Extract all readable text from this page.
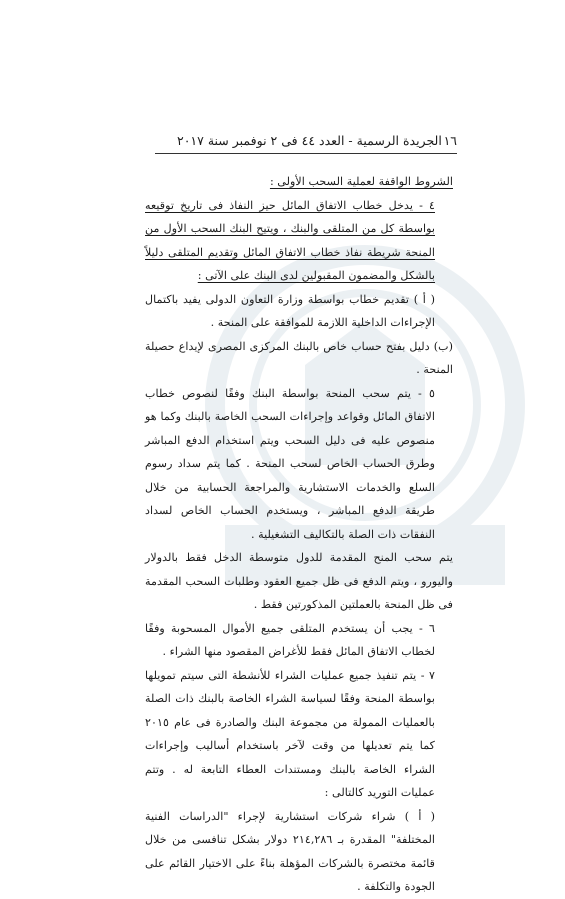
١٦
الجريدة الرسمية - العدد ٤٤ فى ٢ نوفمبر سنة ٢٠١٧

الشروط الواقفة لعملية السحب الأولى :

٤ - يدخل خطاب الاتفاق المائل حيز النفاذ فى تاريخ توقيعه بواسطة كل من المتلقى والبنك ، ويتيح البنك السحب الأول من المنحة شريطة نفاذ خطاب الاتفاق المائل وتقديم المتلقى دليلاً بالشكل والمضمون المقبولين لدى البنك على الآتى :

( أ ) تقديم خطاب بواسطة وزارة التعاون الدولى يفيد باكتمال الإجراءات الداخلية اللازمة للموافقة على المنحة .

(ب) دليل بفتح حساب خاص بالبنك المركزى المصرى لإيداع حصيلة المنحة .

٥ - يتم سحب المنحة بواسطة البنك وفقًا لنصوص خطاب الاتفاق المائل وقواعد وإجراءات السحب الخاصة بالبنك وكما هو منصوص عليه فى دليل السحب ويتم استخدام الدفع المباشر وطرق الحساب الخاص لسحب المنحة . كما يتم سداد رسوم السلع والخدمات الاستشارية والمراجعة الحسابية من خلال طريقة الدفع المباشر ، ويستخدم الحساب الخاص لسداد النفقات ذات الصلة بالتكاليف التشغيلية .

يتم سحب المنح المقدمة للدول متوسطة الدخل فقط بالدولار واليورو ، ويتم الدفع فى ظل جميع العقود وطلبات السحب المقدمة فى ظل المنحة بالعملتين المذكورتين فقط .

٦ - يجب أن يستخدم المتلقى جميع الأموال المسحوبة وفقًا لخطاب الاتفاق المائل فقط للأغراض المقصود منها الشراء .

٧ - يتم تنفيذ جميع عمليات الشراء للأنشطة التى سيتم تمويلها بواسطة المنحة وفقًا لسياسة الشراء الخاصة بالبنك ذات الصلة بالعمليات الممولة من مجموعة البنك والصادرة فى عام ٢٠١٥ كما يتم تعديلها من وقت لآخر باستخدام أساليب وإجراءات الشراء الخاصة بالبنك ومستندات العطاء التابعة له . وتتم عمليات التوريد كالتالى :

( أ ) شراء شركات استشارية لإجراء "الدراسات الفنية المختلفة" المقدرة بـ ٢١٤,٢٨٦ دولار بشكل تنافسى من خلال قائمة مختصرة بالشركات المؤهلة بناءً على الاختيار القائم على الجودة والتكلفة .
